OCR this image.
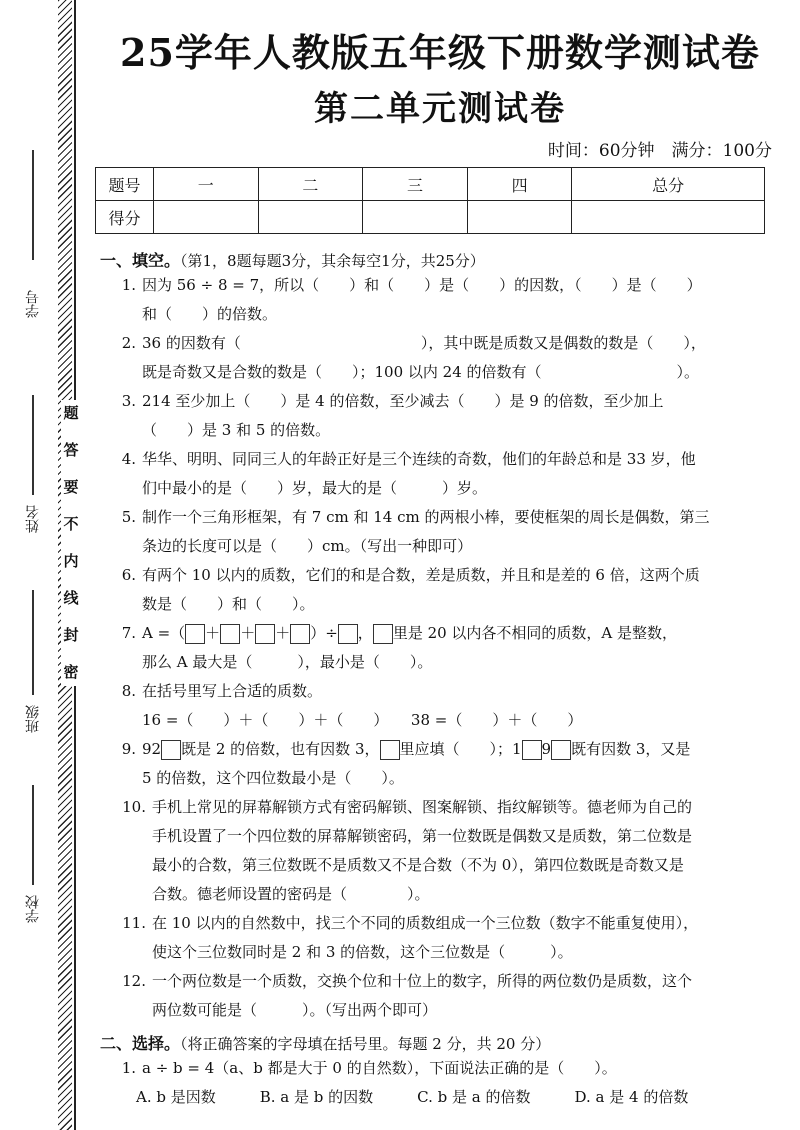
学号
姓名
班级
学校
题
答
要
不
内
线
封
密
25学年人教版五年级下册数学测试卷
第二单元测试卷
时间：60分钟　满分：100分
题号	一	二	三	四	总分
得分					
一、填空。（第1，8题每题3分，其余每空1分，共25分）
1. 因为 56 ÷ 8 = 7，所以（　　）和（　　）是（　　）的因数，（　　）是（　　）
和（　　）的倍数。
2. 36 的因数有（　　　　　　　　　　　　），其中既是质数又是偶数的数是（　　），
既是奇数又是合数的数是（　　）；100 以内 24 的倍数有（　　　　　　　　　）。
3. 214 至少加上（　　）是 4 的倍数，至少减去（　　）是 9 的倍数，至少加上
（　　）是 3 和 5 的倍数。
4. 华华、明明、同同三人的年龄正好是三个连续的奇数，他们的年龄总和是 33 岁，他
们中最小的是（　　）岁，最大的是（　　　）岁。
5. 制作一个三角形框架，有 7 cm 和 14 cm 的两根小棒，要使框架的周长是偶数，第三
条边的长度可以是（　　）cm。（写出一种即可）
6. 有两个 10 以内的质数，它们的和是合数，差是质数，并且和是差的 6 倍，这两个质
数是（　　）和（　　）。
7. A =（ ＋ ＋ ＋ ）÷ ， 里是 20 以内各不相同的质数，A 是整数，
那么 A 最大是（　　　），最小是（　　）。
8. 在括号里写上合适的质数。
16 =（　　）＋（　　）＋（　　）　　38 =（　　）＋（　　）
9. 92 既是 2 的倍数，也有因数 3， 里应填（　　）；1 9 既有因数 3，又是
5 的倍数，这个四位数最小是（　　）。
10. 手机上常见的屏幕解锁方式有密码解锁、图案解锁、指纹解锁等。德老师为自己的
手机设置了一个四位数的屏幕解锁密码，第一位数既是偶数又是质数，第二位数是
最小的合数，第三位数既不是质数又不是合数（不为 0），第四位数既是奇数又是
合数。德老师设置的密码是（　　　　）。
11. 在 10 以内的自然数中，找三个不同的质数组成一个三位数（数字不能重复使用），
使这个三位数同时是 2 和 3 的倍数，这个三位数是（　　　）。
12. 一个两位数是一个质数，交换个位和十位上的数字，所得的两位数仍是质数，这个
两位数可能是（　　　）。（写出两个即可）
二、选择。（将正确答案的字母填在括号里。每题 2 分，共 20 分）
1. a ÷ b = 4（a、b 都是大于 0 的自然数），下面说法正确的是（　　）。
A. b 是因数	B. a 是 b 的因数	C. b 是 a 的倍数	D. a 是 4 的倍数
